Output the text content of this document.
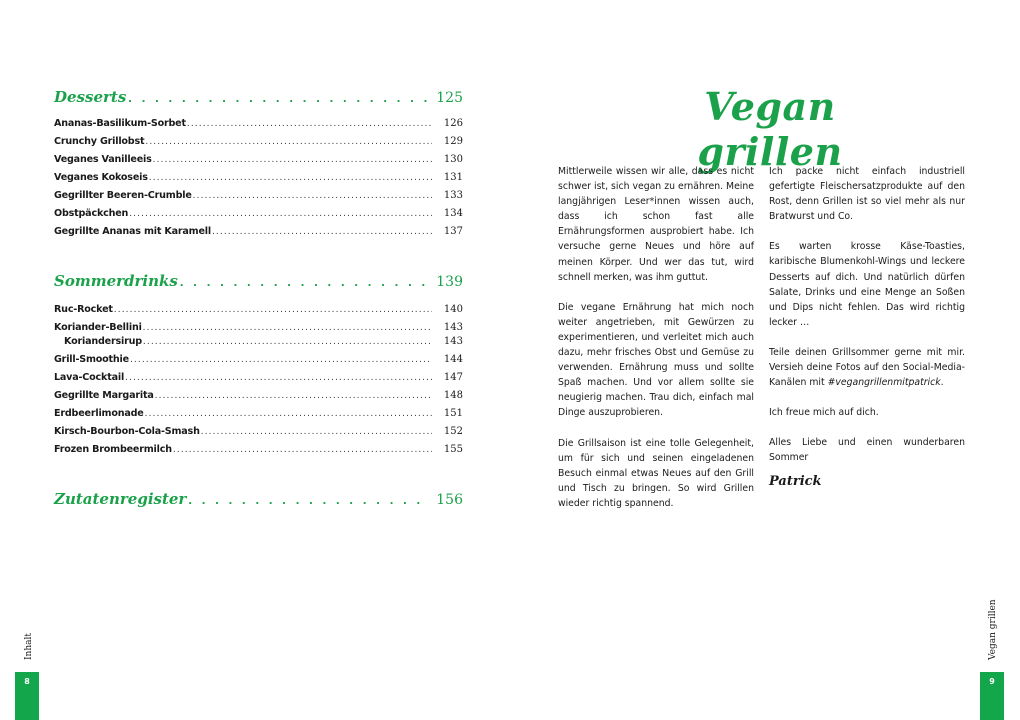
Desserts . . .	125
Ananas-Basilikum-Sorbet .....	126
Crunchy Grillobst .....	129
Veganes Vanilleeis .....	130
Veganes Kokoseis .....	131
Gegrillter Beeren-Crumble .....	133
Obstpäckchen .....	134
Gegrillte Ananas mit Karamell .....	137
Sommerdrinks . . .	139
Ruc-Rocket .....	140
Koriander-Bellini .....	143
Koriandersirup .....	143
Grill-Smoothie .....	144
Lava-Cocktail .....	147
Gegrillte Margarita .....	148
Erdbeerlimonade .....	151
Kirsch-Bourbon-Cola-Smash .....	152
Frozen Brombeermilch .....	155
Zutatenregister . . .	156
Inhalt
8
Vegan grillen

Mittlerweile wissen wir alle, dass es nicht schwer ist, sich vegan zu ernähren. Meine langjährigen Leser*innen wissen auch, dass ich schon fast alle Ernährungsformen ausprobiert habe. Ich versuche gerne Neues und höre auf meinen Körper. Und wer das tut, wird schnell merken, was ihm guttut.

Die vegane Ernährung hat mich noch weiter angetrieben, mit Gewürzen zu experimentieren, und verleitet mich auch dazu, mehr frisches Obst und Gemüse zu verwenden. Ernährung muss und sollte Spaß machen. Und vor allem sollte sie neugierig machen. Trau dich, einfach mal Dinge auszuprobieren.

Die Grillsaison ist eine tolle Gelegenheit, um für sich und seinen eingeladenen Besuch einmal etwas Neues auf den Grill und Tisch zu bringen. So wird Grillen wieder richtig spannend.

Ich packe nicht einfach industriell gefertigte Fleischersatzprodukte auf den Rost, denn Grillen ist so viel mehr als nur Bratwurst und Co.

Es warten krosse Käse-Toasties, karibische Blumenkohl-Wings und leckere Desserts auf dich. Und natürlich dürfen Salate, Drinks und eine Menge an Soßen und Dips nicht fehlen. Das wird richtig lecker …

Teile deinen Grillsommer gerne mit mir. Versieh deine Fotos auf den Social-Media-Kanälen mit #vegangrillenmitpatrick.

Ich freue mich auf dich.

Alles Liebe und einen wunderbaren Sommer

Patrick
Vegan grillen
9
